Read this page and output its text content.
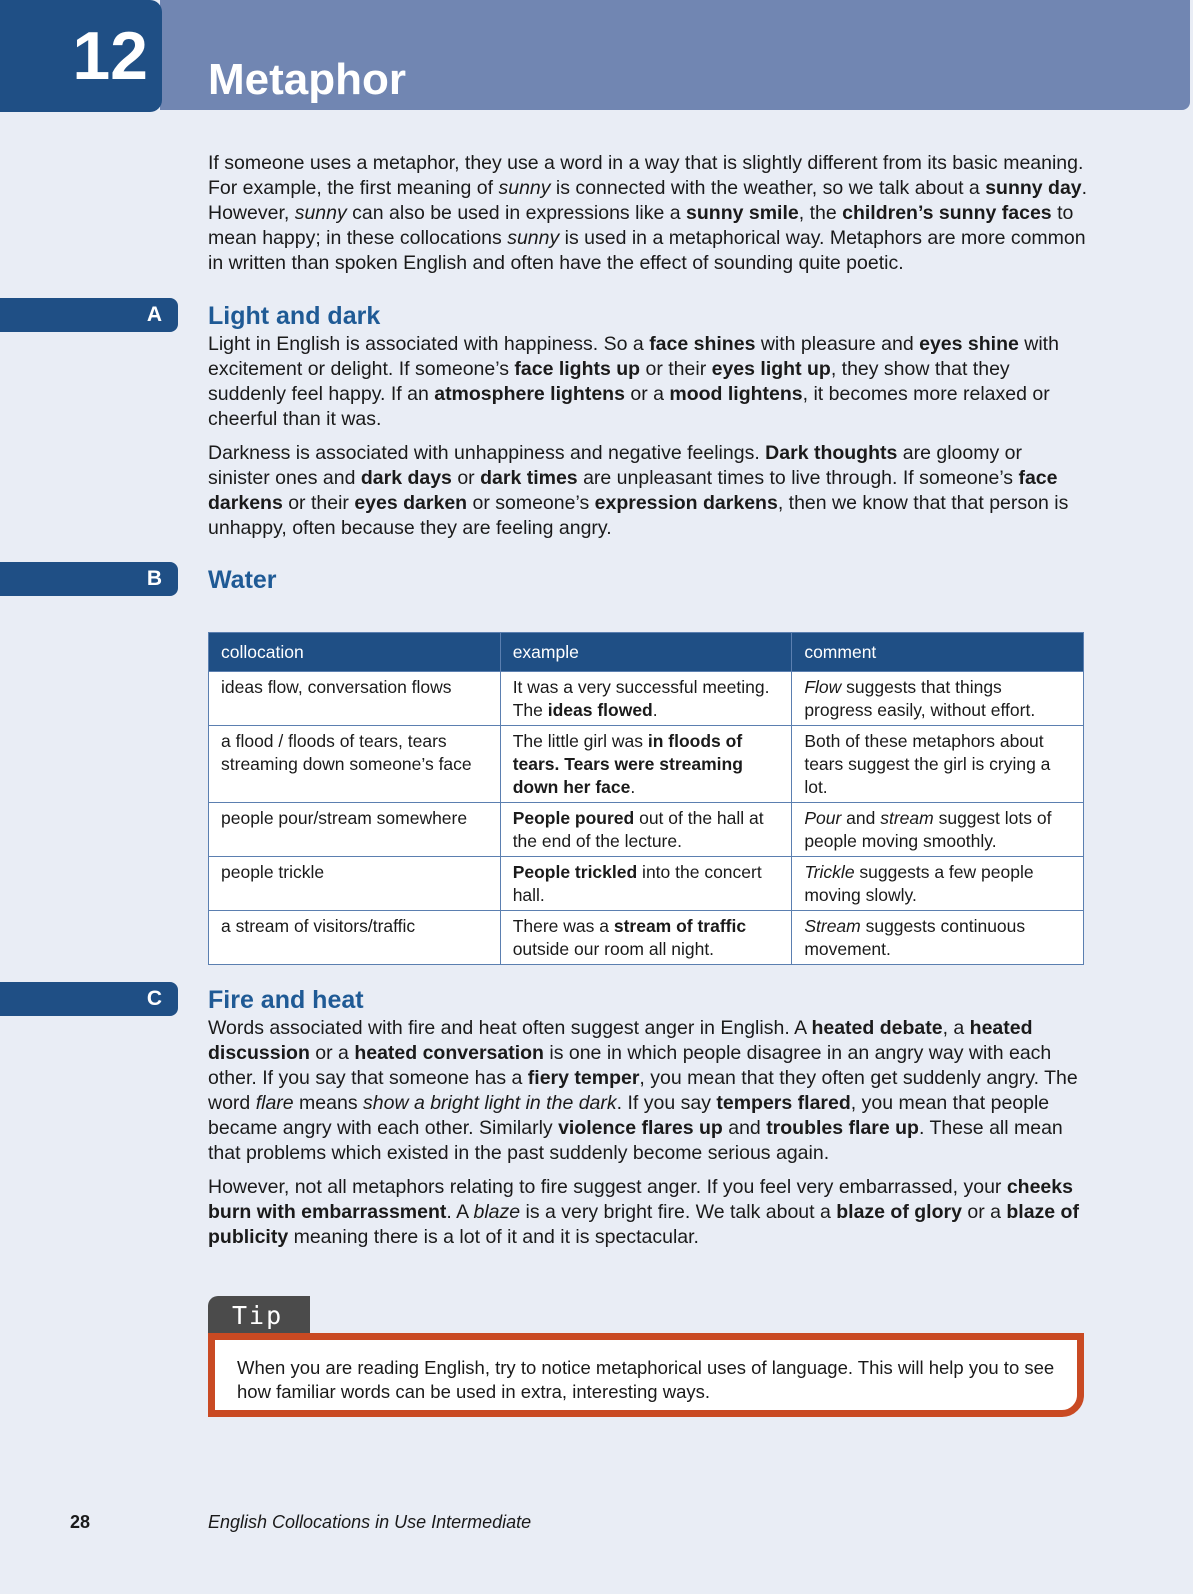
12	Metaphor

If someone uses a metaphor, they use a word in a way that is slightly different from its basic meaning. For example, the first meaning of sunny is connected with the weather, so we talk about a sunny day. However, sunny can also be used in expressions like a sunny smile, the children’s sunny faces to mean happy; in these collocations sunny is used in a metaphorical way. Metaphors are more common in written than spoken English and often have the effect of sounding quite poetic.

A	Light and dark

Light in English is associated with happiness. So a face shines with pleasure and eyes shine with excitement or delight. If someone’s face lights up or their eyes light up, they show that they suddenly feel happy. If an atmosphere lightens or a mood lightens, it becomes more relaxed or cheerful than it was.

Darkness is associated with unhappiness and negative feelings. Dark thoughts are gloomy or sinister ones and dark days or dark times are unpleasant times to live through. If someone’s face darkens or their eyes darken or someone’s expression darkens, then we know that that person is unhappy, often because they are feeling angry.

B	Water
collocation	example	comment
ideas flow, conversation flows	It was a very successful meeting. The ideas flowed.	Flow suggests that things progress easily, without effort.
a flood / floods of tears, tears streaming down someone’s face	The little girl was in floods of tears. Tears were streaming down her face.	Both of these metaphors about tears suggest the girl is crying a lot.
people pour/stream somewhere	People poured out of the hall at the end of the lecture.	Pour and stream suggest lots of people moving smoothly.
people trickle	People trickled into the concert hall.	Trickle suggests a few people moving slowly.
a stream of visitors/traffic	There was a stream of traffic outside our room all night.	Stream suggests continuous movement.
C	Fire and heat

Words associated with fire and heat often suggest anger in English. A heated debate, a heated discussion or a heated conversation is one in which people disagree in an angry way with each other. If you say that someone has a fiery temper, you mean that they often get suddenly angry. The word flare means show a bright light in the dark. If you say tempers flared, you mean that people became angry with each other. Similarly violence flares up and troubles flare up. These all mean that problems which existed in the past suddenly become serious again.

However, not all metaphors relating to fire suggest anger. If you feel very embarrassed, your cheeks burn with embarrassment. A blaze is a very bright fire. We talk about a blaze of glory or a blaze of publicity meaning there is a lot of it and it is spectacular.

Tip
When you are reading English, try to notice metaphorical uses of language. This will help you to see how familiar words can be used in extra, interesting ways.
28	English Collocations in Use Intermediate
